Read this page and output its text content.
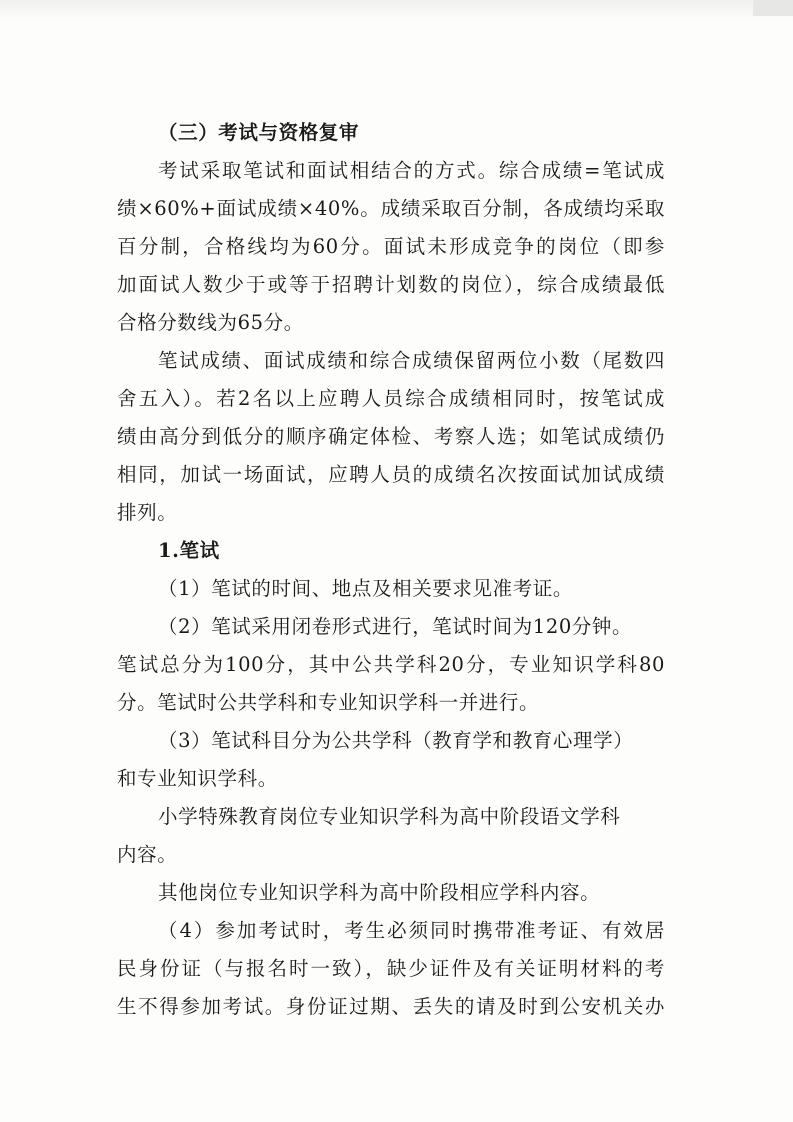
（三）考试与资格复审
考试采取笔试和面试相结合的方式。综合成绩=笔试成
绩×60%+面试成绩×40%。成绩采取百分制，各成绩均采取
百分制，合格线均为60分。面试未形成竞争的岗位（即参
加面试人数少于或等于招聘计划数的岗位），综合成绩最低
合格分数线为65分。
笔试成绩、面试成绩和综合成绩保留两位小数（尾数四
舍五入）。若2名以上应聘人员综合成绩相同时，按笔试成
绩由高分到低分的顺序确定体检、考察人选；如笔试成绩仍
相同，加试一场面试，应聘人员的成绩名次按面试加试成绩
排列。
1.笔试
（1）笔试的时间、地点及相关要求见准考证。
（2）笔试采用闭卷形式进行，笔试时间为120分钟。
笔试总分为100分，其中公共学科20分，专业知识学科80
分。笔试时公共学科和专业知识学科一并进行。
（3）笔试科目分为公共学科（教育学和教育心理学）
和专业知识学科。
小学特殊教育岗位专业知识学科为高中阶段语文学科
内容。
其他岗位专业知识学科为高中阶段相应学科内容。
（4）参加考试时，考生必须同时携带准考证、有效居
民身份证（与报名时一致），缺少证件及有关证明材料的考
生不得参加考试。身份证过期、丢失的请及时到公安机关办
